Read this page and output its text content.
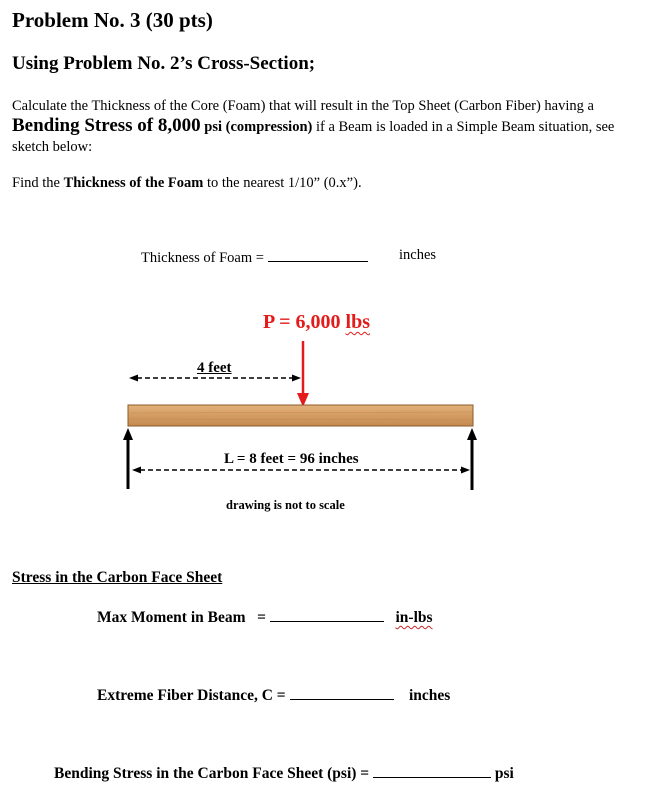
Problem No. 3 (30 pts)
Using Problem No. 2’s Cross-Section;
Calculate the Thickness of the Core (Foam) that will result in the Top Sheet (Carbon Fiber) having a Bending Stress of 8,000 psi (compression) if a Beam is loaded in a Simple Beam situation, see sketch below:
Find the Thickness of the Foam to the nearest 1/10” (0.x”).
Thickness of Foam =	inches
P = 6,000 lbs
4 feet
L = 8 feet = 96 inches
drawing is not to scale
Stress in the Carbon Face Sheet
Max Moment in Beam =	in-lbs
Extreme Fiber Distance, C =	inches
Bending Stress in the Carbon Face Sheet (psi) =	psi
